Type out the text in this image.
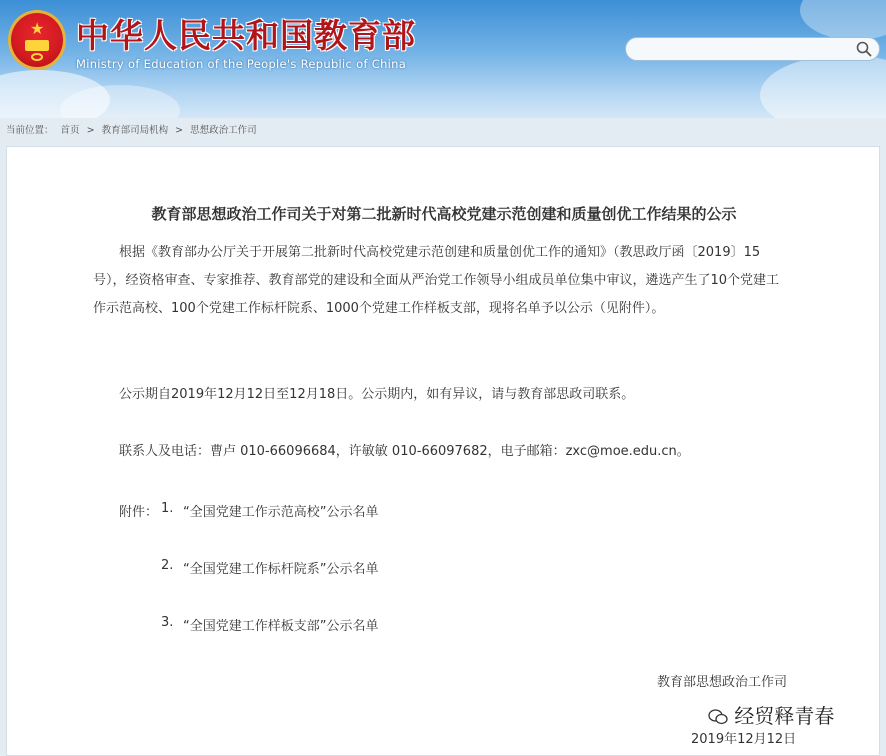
★ 中华人民共和国教育部

Ministry of Education of the People's Republic of China

当前位置： 首页 > 教育部司局机构 > 思想政治工作司
教育部思想政治工作司关于对第二批新时代高校党建示范创建和质量创优工作结果的公示

根据《教育部办公厅关于开展第二批新时代高校党建示范创建和质量创优工作的通知》（教思政厅函〔2019〕15号），经资格审查、专家推荐、教育部党的建设和全面从严治党工作领导小组成员单位集中审议，遴选产生了10个党建工作示范高校、100个党建工作标杆院系、1000个党建工作样板支部，现将名单予以公示（见附件）。

公示期自2019年12月12日至12月18日。公示期内，如有异议，请与教育部思政司联系。

联系人及电话：曹卢 010-66096684，许敏敏 010-66097682，电子邮箱：zxc@moe.edu.cn。

附件： 1. “全国党建工作示范高校”公示名单

2. “全国党建工作标杆院系”公示名单

3. “全国党建工作样板支部”公示名单

教育部思想政治工作司

2019年12月12日

经贸释青春
